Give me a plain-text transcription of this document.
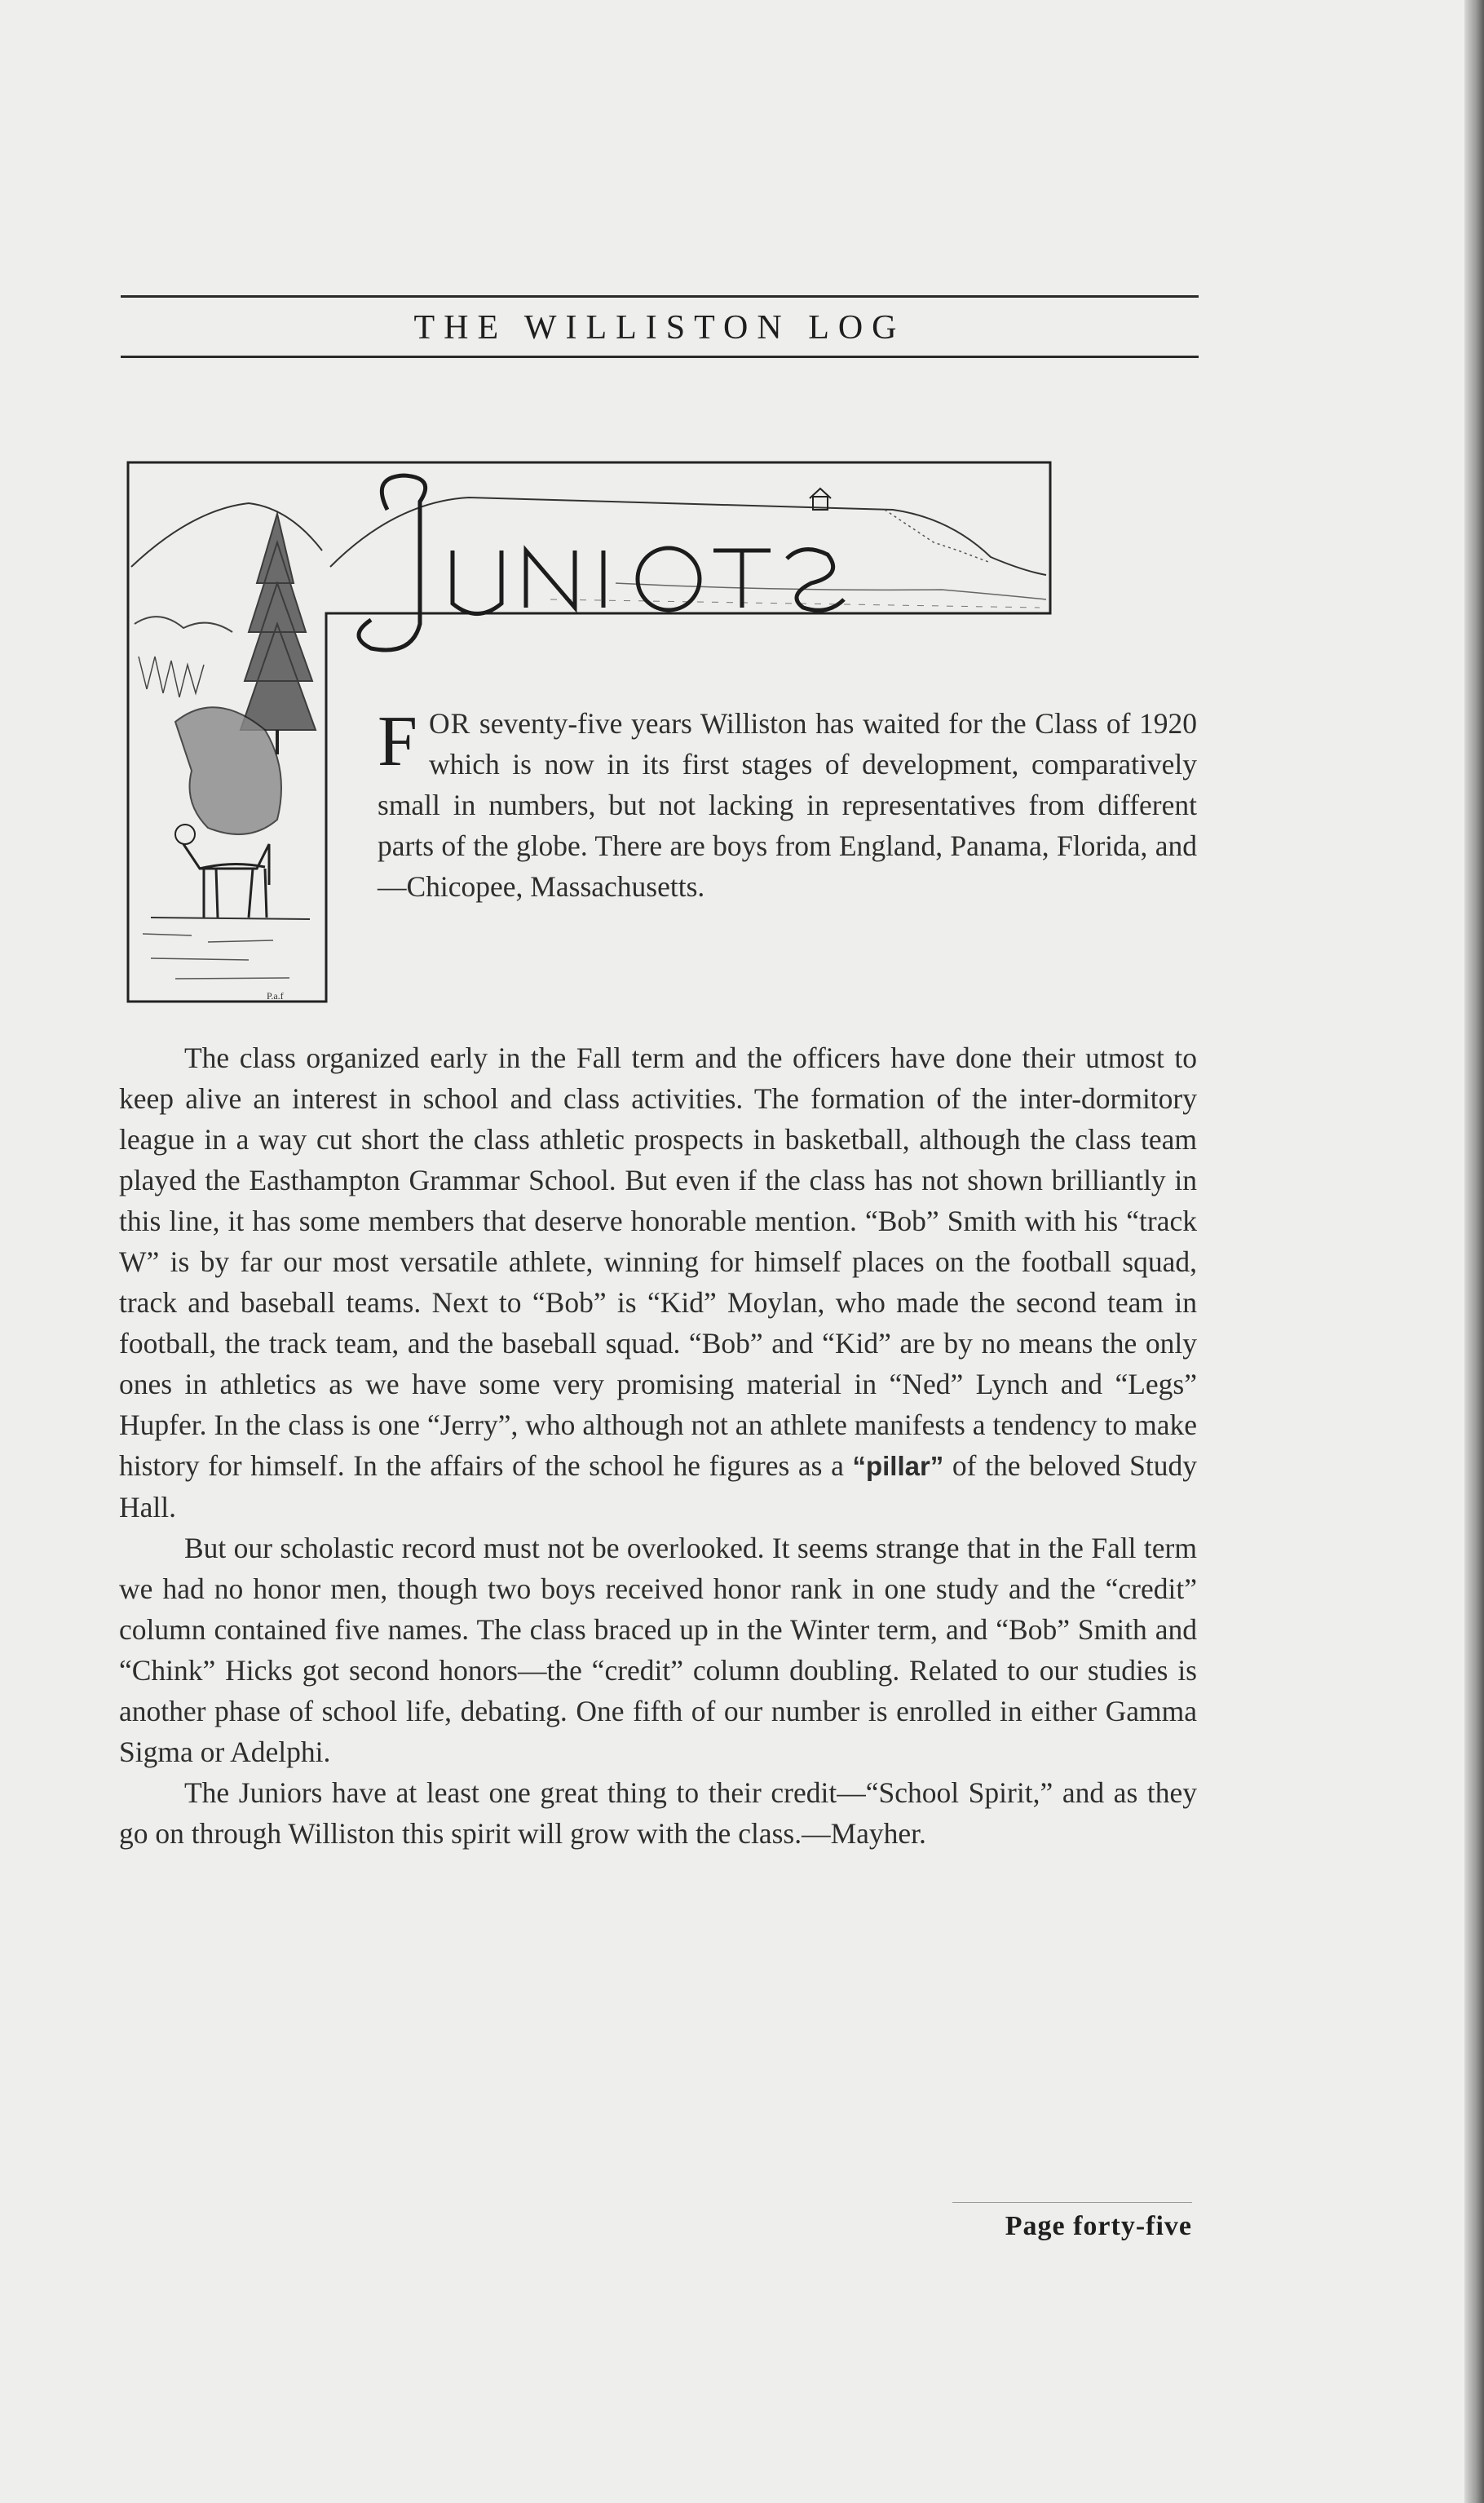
THE WILLISTON LOG
P.a.f
FOR seventy-five years Williston has waited for the Class of 1920 which is now in its first stages of development, comparatively small in numbers, but not lacking in representatives from different parts of the globe. There are boys from England, Panama, Florida, and—Chicopee, Massachusetts.

The class organized early in the Fall term and the officers have done their utmost to keep alive an interest in school and class activities. The formation of the inter-dormitory league in a way cut short the class athletic prospects in basketball, although the class team played the Easthampton Grammar School. But even if the class has not shown brilliantly in this line, it has some members that deserve honorable mention. “Bob” Smith with his “track W” is by far our most versatile athlete, winning for himself places on the football squad, track and baseball teams. Next to “Bob” is “Kid” Moylan, who made the second team in football, the track team, and the baseball squad. “Bob” and “Kid” are by no means the only ones in athletics as we have some very promising material in “Ned” Lynch and “Legs” Hupfer. In the class is one “Jerry”, who although not an athlete manifests a tendency to make history for himself. In the affairs of the school he figures as a “pillar” of the beloved Study Hall.

But our scholastic record must not be overlooked. It seems strange that in the Fall term we had no honor men, though two boys received honor rank in one study and the “credit” column contained five names. The class braced up in the Winter term, and “Bob” Smith and “Chink” Hicks got second honors—the “credit” column doubling. Related to our studies is another phase of school life, debating. One fifth of our number is enrolled in either Gamma Sigma or Adelphi.

The Juniors have at least one great thing to their credit—“School Spirit,” and as they go on through Williston this spirit will grow with the class.—Mayher.

Page forty-five
